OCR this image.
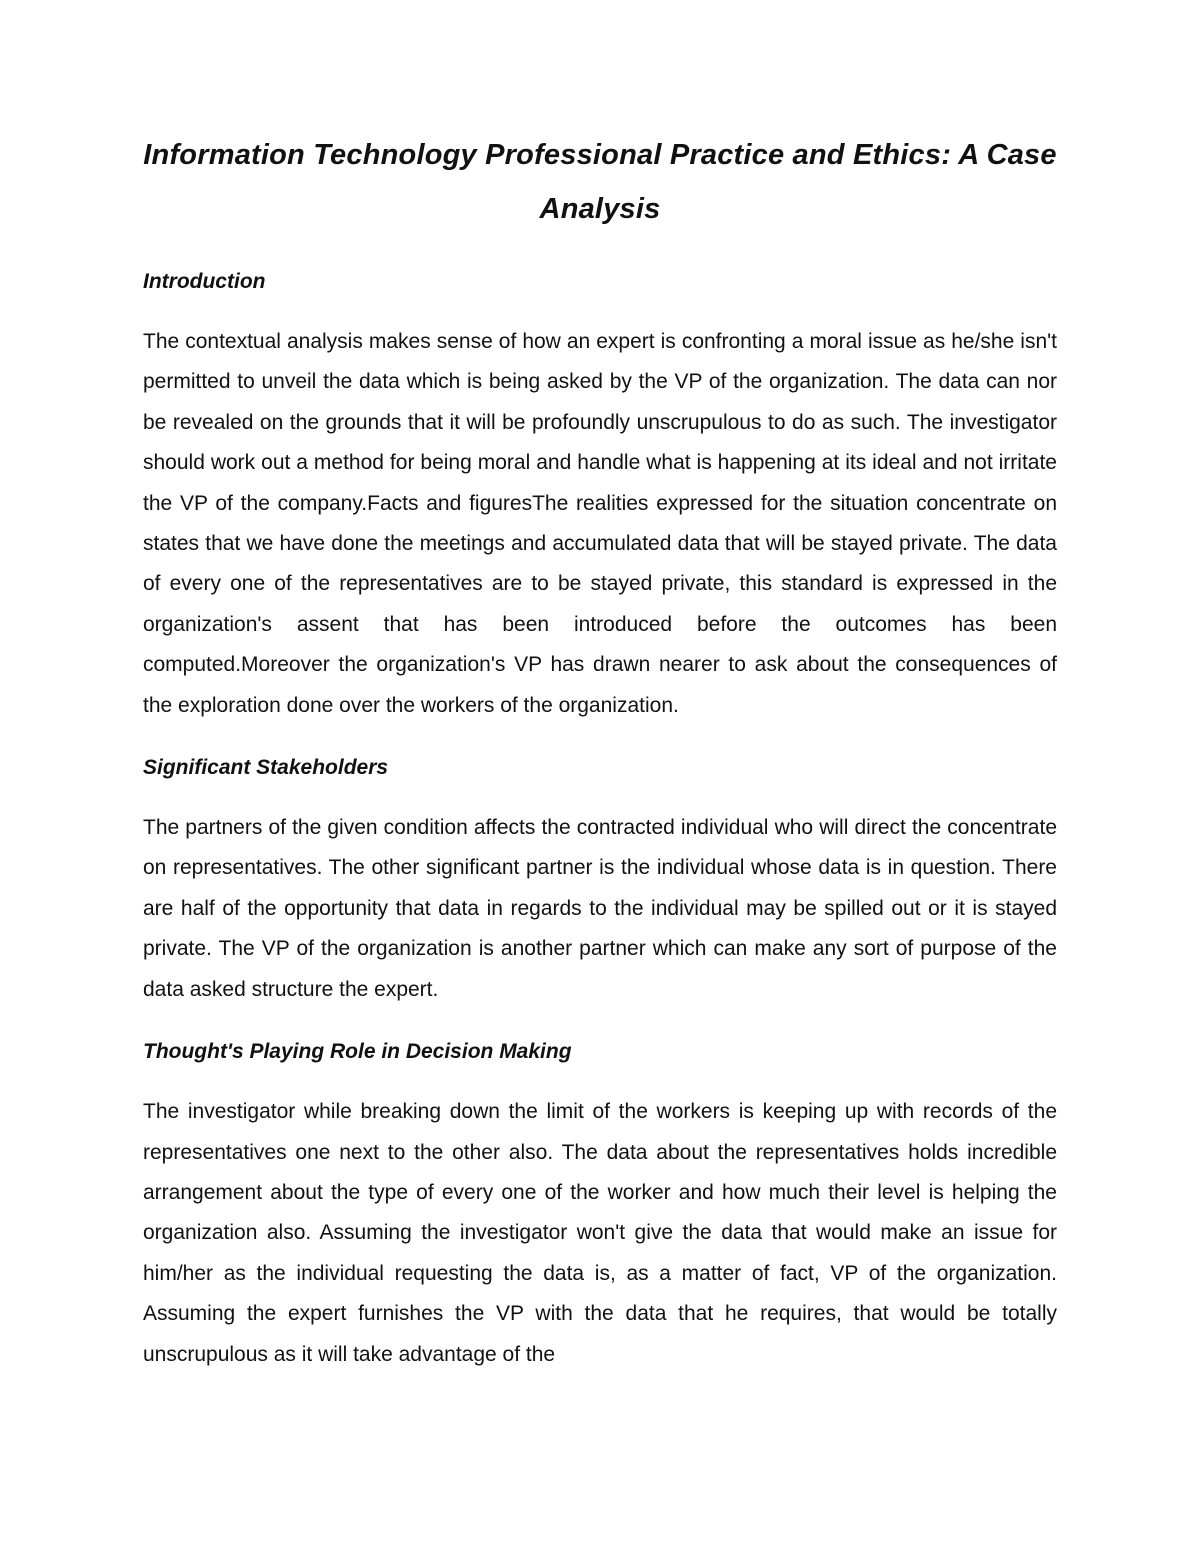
Information Technology Professional Practice and Ethics: A Case Analysis
Introduction

The contextual analysis makes sense of how an expert is confronting a moral issue as he/she isn't permitted to unveil the data which is being asked by the VP of the organization. The data can nor be revealed on the grounds that it will be profoundly unscrupulous to do as such. The investigator should work out a method for being moral and handle what is happening at its ideal and not irritate the VP of the company.Facts and figuresThe realities expressed for the situation concentrate on states that we have done the meetings and accumulated data that will be stayed private. The data of every one of the representatives are to be stayed private, this standard is expressed in the organization's assent that has been introduced before the outcomes has been computed.Moreover the organization's VP has drawn nearer to ask about the consequences of the exploration done over the workers of the organization.

Significant Stakeholders

The partners of the given condition affects the contracted individual who will direct the concentrate on representatives. The other significant partner is the individual whose data is in question. There are half of the opportunity that data in regards to the individual may be spilled out or it is stayed private. The VP of the organization is another partner which can make any sort of purpose of the data asked structure the expert.

Thought's Playing Role in Decision Making

The investigator while breaking down the limit of the workers is keeping up with records of the representatives one next to the other also. The data about the representatives holds incredible arrangement about the type of every one of the worker and how much their level is helping the organization also. Assuming the investigator won't give the data that would make an issue for him/her as the individual requesting the data is, as a matter of fact, VP of the organization. Assuming the expert furnishes the VP with the data that he requires, that would be totally unscrupulous as it will take advantage of the
